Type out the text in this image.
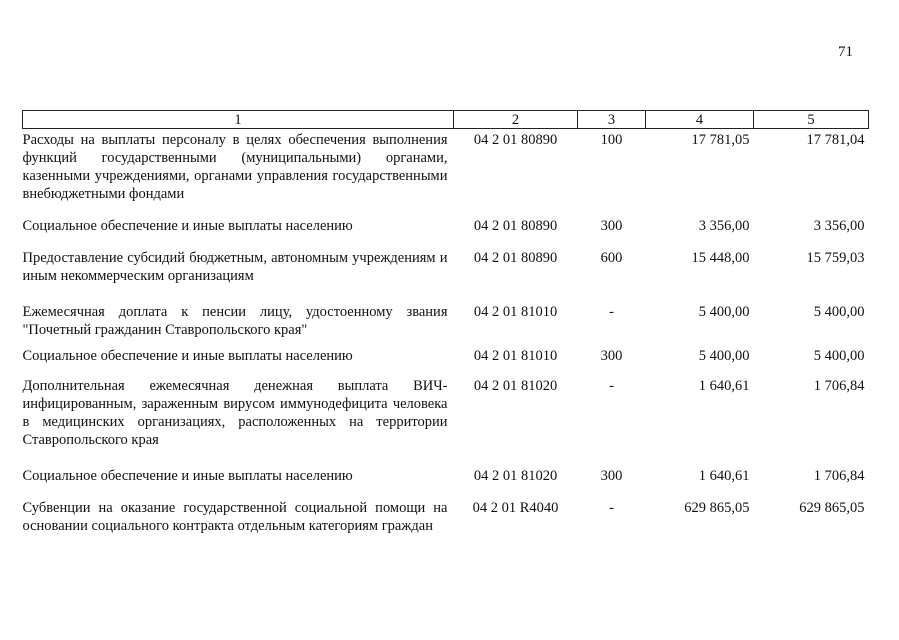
71
1	2	3	4	5
Расходы на выплаты персоналу в целях обеспечения выполнения функций государственными (муниципальными) органами, казенными учреждениями, органами управления государственными внебюджетными фондами	04 2 01 80890	100	17 781,05	17 781,04
Социальное обеспечение и иные выплаты населению	04 2 01 80890	300	3 356,00	3 356,00
Предоставление субсидий бюджетным, автономным учреждениям и иным некоммерческим организациям	04 2 01 80890	600	15 448,00	15 759,03
Ежемесячная доплата к пенсии лицу, удостоенному звания "Почетный гражданин Ставропольского края"	04 2 01 81010	-	5 400,00	5 400,00
Социальное обеспечение и иные выплаты населению	04 2 01 81010	300	5 400,00	5 400,00
Дополнительная ежемесячная денежная выплата ВИЧ-инфицированным, зараженным вирусом иммунодефицита человека в медицинских организациях, расположенных на территории Ставропольского края	04 2 01 81020	-	1 640,61	1 706,84
Социальное обеспечение и иные выплаты населению	04 2 01 81020	300	1 640,61	1 706,84
Субвенции на оказание государственной социальной помощи на основании социального контракта отдельным категориям граждан	04 2 01 R4040	-	629 865,05	629 865,05
